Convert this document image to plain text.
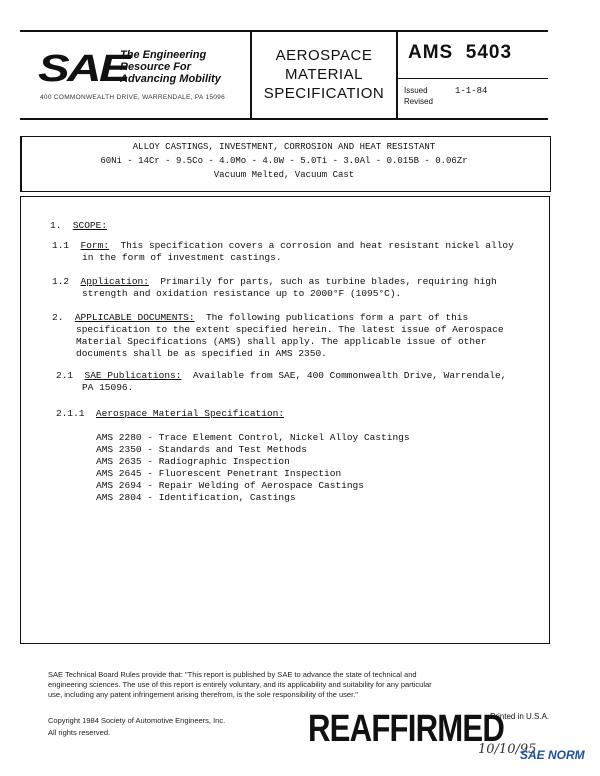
SAE
The Engineering
Resource For
Advancing Mobility
400 COMMONWEALTH DRIVE, WARRENDALE, PA 15096
AEROSPACE
MATERIAL
SPECIFICATION
AMS 5403
Issued
Revised
1-1-84
ALLOY CASTINGS, INVESTMENT, CORROSION AND HEAT RESISTANT
60Ni - 14Cr - 9.5Co - 4.0Mo - 4.0W - 5.0Ti - 3.0Al - 0.015B - 0.06Zr
Vacuum Melted, Vacuum Cast
1. SCOPE:
1.1 Form: This specification covers a corrosion and heat resistant nickel alloy
in the form of investment castings.
1.2 Application: Primarily for parts, such as turbine blades, requiring high
strength and oxidation resistance up to 2000°F (1095°C).
2. APPLICABLE DOCUMENTS: The following publications form a part of this
specification to the extent specified herein. The latest issue of Aerospace
Material Specifications (AMS) shall apply. The applicable issue of other
documents shall be as specified in AMS 2350.
2.1 SAE Publications: Available from SAE, 400 Commonwealth Drive, Warrendale,
PA 15096.
2.1.1 Aerospace Material Specification:
AMS 2280 - Trace Element Control, Nickel Alloy Castings
AMS 2350 - Standards and Test Methods
AMS 2635 - Radiographic Inspection
AMS 2645 - Fluorescent Penetrant Inspection
AMS 2694 - Repair Welding of Aerospace Castings
AMS 2804 - Identification, Castings
SAE Technical Board Rules provide that: "This report is published by SAE to advance the state of technical and
engineering sciences. The use of this report is entirely voluntary, and its applicability and suitability for any particular
use, including any patent infringement arising therefrom, is the sole responsibility of the user."
Copyright 1984 Society of Automotive Engineers, Inc.
All rights reserved.
Printed in U.S.A.
REAFFIRMED
10/10/95
SAE NORM
